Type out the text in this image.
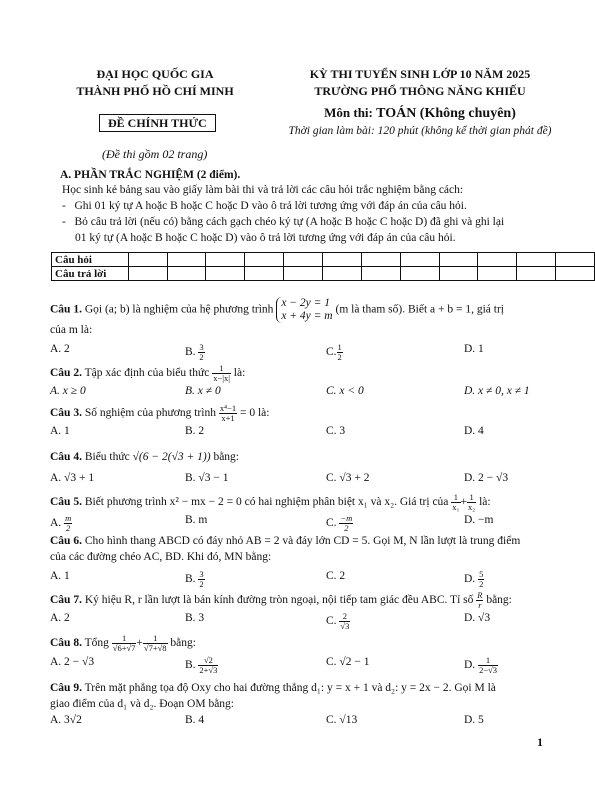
ĐẠI HỌC QUỐC GIA
THÀNH PHỐ HỒ CHÍ MINH
ĐỀ CHÍNH THỨC
(Đề thi gồm 02 trang)
KỲ THI TUYỂN SINH LỚP 10 NĂM 2025
TRƯỜNG PHỔ THÔNG NĂNG KHIẾU
Môn thi: TOÁN (Không chuyên)
Thời gian làm bài: 120 phút (không kể thời gian phát đề)
A. PHẦN TRẮC NGHIỆM (2 điểm).
Học sinh kẻ bảng sau vào giấy làm bài thi và trả lời các câu hỏi trắc nghiệm bằng cách:
-   Ghi 01 ký tự A hoặc B hoặc C hoặc D vào ô trả lời tương ứng với đáp án của câu hỏi.
-   Bỏ câu trả lời (nếu có) bằng cách gạch chéo ký tự (A hoặc B hoặc C hoặc D) đã ghi và ghi lại
01 ký tự (A hoặc B hoặc C hoặc D) vào ô trả lời tương ứng với đáp án của câu hỏi.
Câu hỏi												
Câu trả lời												
Câu 1. Gọi (a; b) là nghiệm của hệ phương trình
x − 2y = 1
x + 4y = m
(m là tham số). Biết a + b = 1, giá trị
của m là:
A. 2	B. $\frac{3}{2}$	C. $\frac{1}{2}$	D. 1
Câu 2. Tập xác định của biểu thức $\frac{1}{x-|x|}$ là:
A. x ≥ 0	B. x ≠ 0	C. x < 0	D. x ≠ 0, x ≠ 1
Câu 3. Số nghiệm của phương trình $\frac{\text{x⁴−1}}{x+1} = 0$ là:
A. 1	B. 2	C. 3	D. 4
Câu 4. Biểu thức √(6 − 2(√3 + 1)) bằng:
A. √3 + 1	B. √3 − 1	C. √3 + 2	D. 2 − √3
Câu 5. Biết phương trình x² − mx − 2 = 0 có hai nghiệm phân biệt x₁ và x₂. Giá trị của $\frac{1}{\text{x₁}} + \frac{1}{\text{x₂}}$ là:
A. $\frac{m}{2}$	B. m	C. $\frac{-m}{2}$	D. −m
Câu 6. Cho hình thang ABCD có đáy nhỏ AB = 2 và đáy lớn CD = 5. Gọi M, N lần lượt là trung điểm
của các đường chéo AC, BD. Khi đó, MN bằng:
A. 1	B. $\frac{3}{2}$	C. 2	D. $\frac{5}{2}$
Câu 7. Ký hiệu R, r lần lượt là bán kính đường tròn ngoại, nội tiếp tam giác đều ABC. Tỉ số $\frac{R}{r}$ bằng:
A. 2	B. 3	C. $\frac{2}{√3}$	D. √3
Câu 8. Tổng $\frac{1}{√6+√7} + \frac{1}{√7+√8}$ bằng:
A. 2 − √3	B. $\frac{√2}{2+√3}$	C. √2 − 1	D. $\frac{1}{2-√3}$
Câu 9. Trên mặt phẳng tọa độ Oxy cho hai đường thẳng d₁: y = x + 1 và d₂: y = 2x − 2. Gọi M là
giao điểm của d₁ và d₂. Đoạn OM bằng:
A. 3√2	B. 4	C. √13	D. 5
1
